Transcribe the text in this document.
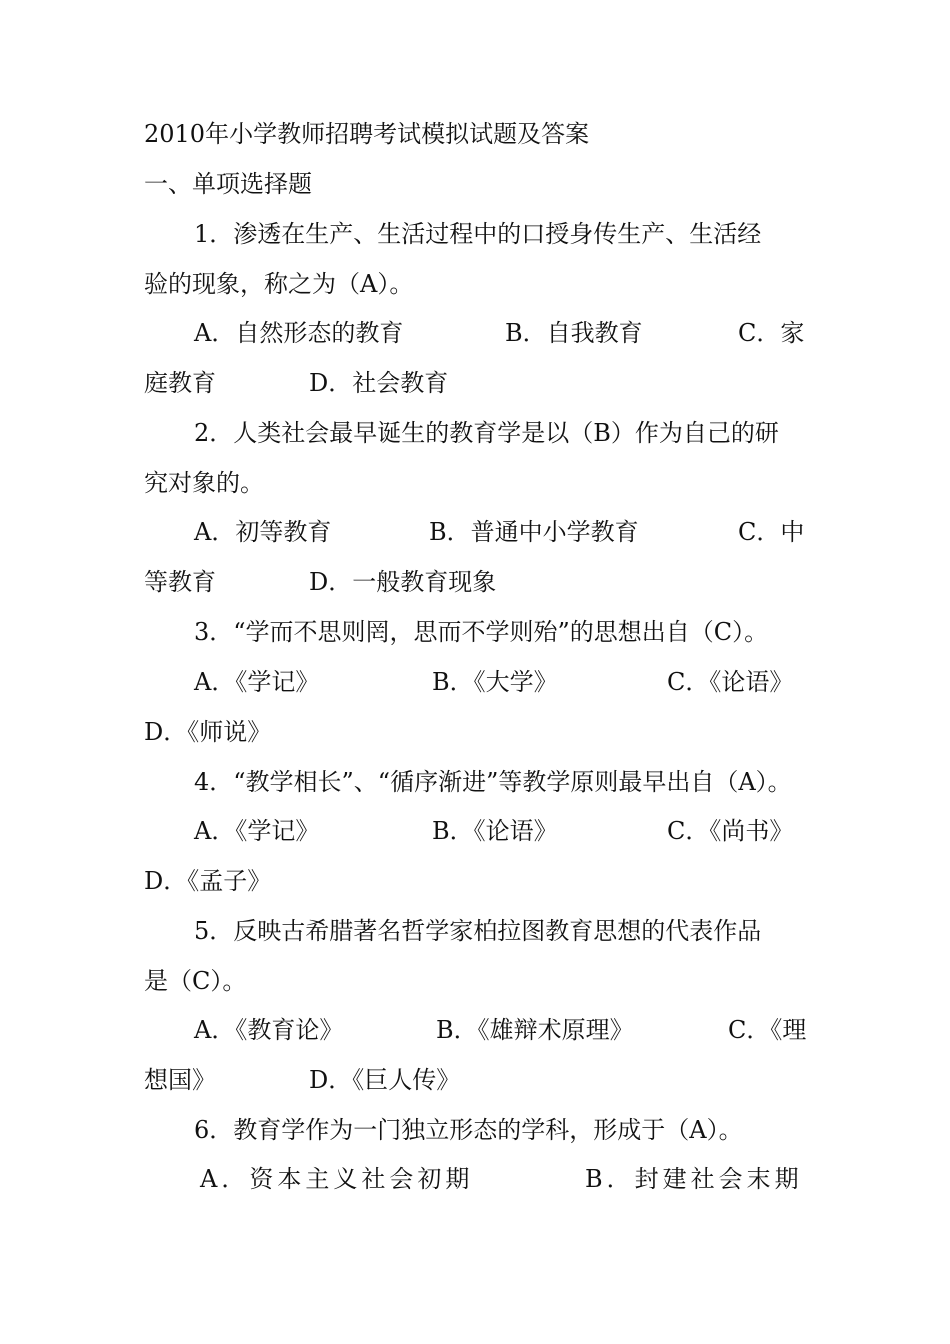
2010年小学教师招聘考试模拟试题及答案

一、单项选择题

1．渗透在生产、生活过程中的口授身传生产、生活经

验的现象，称之为（A）。

A．自然形态的教育	B．自我教育	C．家

庭教育	D．社会教育

2．人类社会最早诞生的教育学是以（B）作为自己的研

究对象的。

A．初等教育	B．普通中小学教育	C．中

等教育	D．一般教育现象

3．“学而不思则罔，思而不学则殆”的思想出自（C）。

A．《学记》	B．《大学》	C．《论语》

D．《师说》

4．“教学相长”、“循序渐进”等教学原则最早出自（A）。

A．《学记》	B．《论语》	C．《尚书》

D．《孟子》

5．反映古希腊著名哲学家柏拉图教育思想的代表作品

是（C）。

A．《教育论》	B．《雄辩术原理》	C．《理

想国》	D．《巨人传》

6．教育学作为一门独立形态的学科，形成于（A）。

A．资本主义社会初期	B．封建社会末期
